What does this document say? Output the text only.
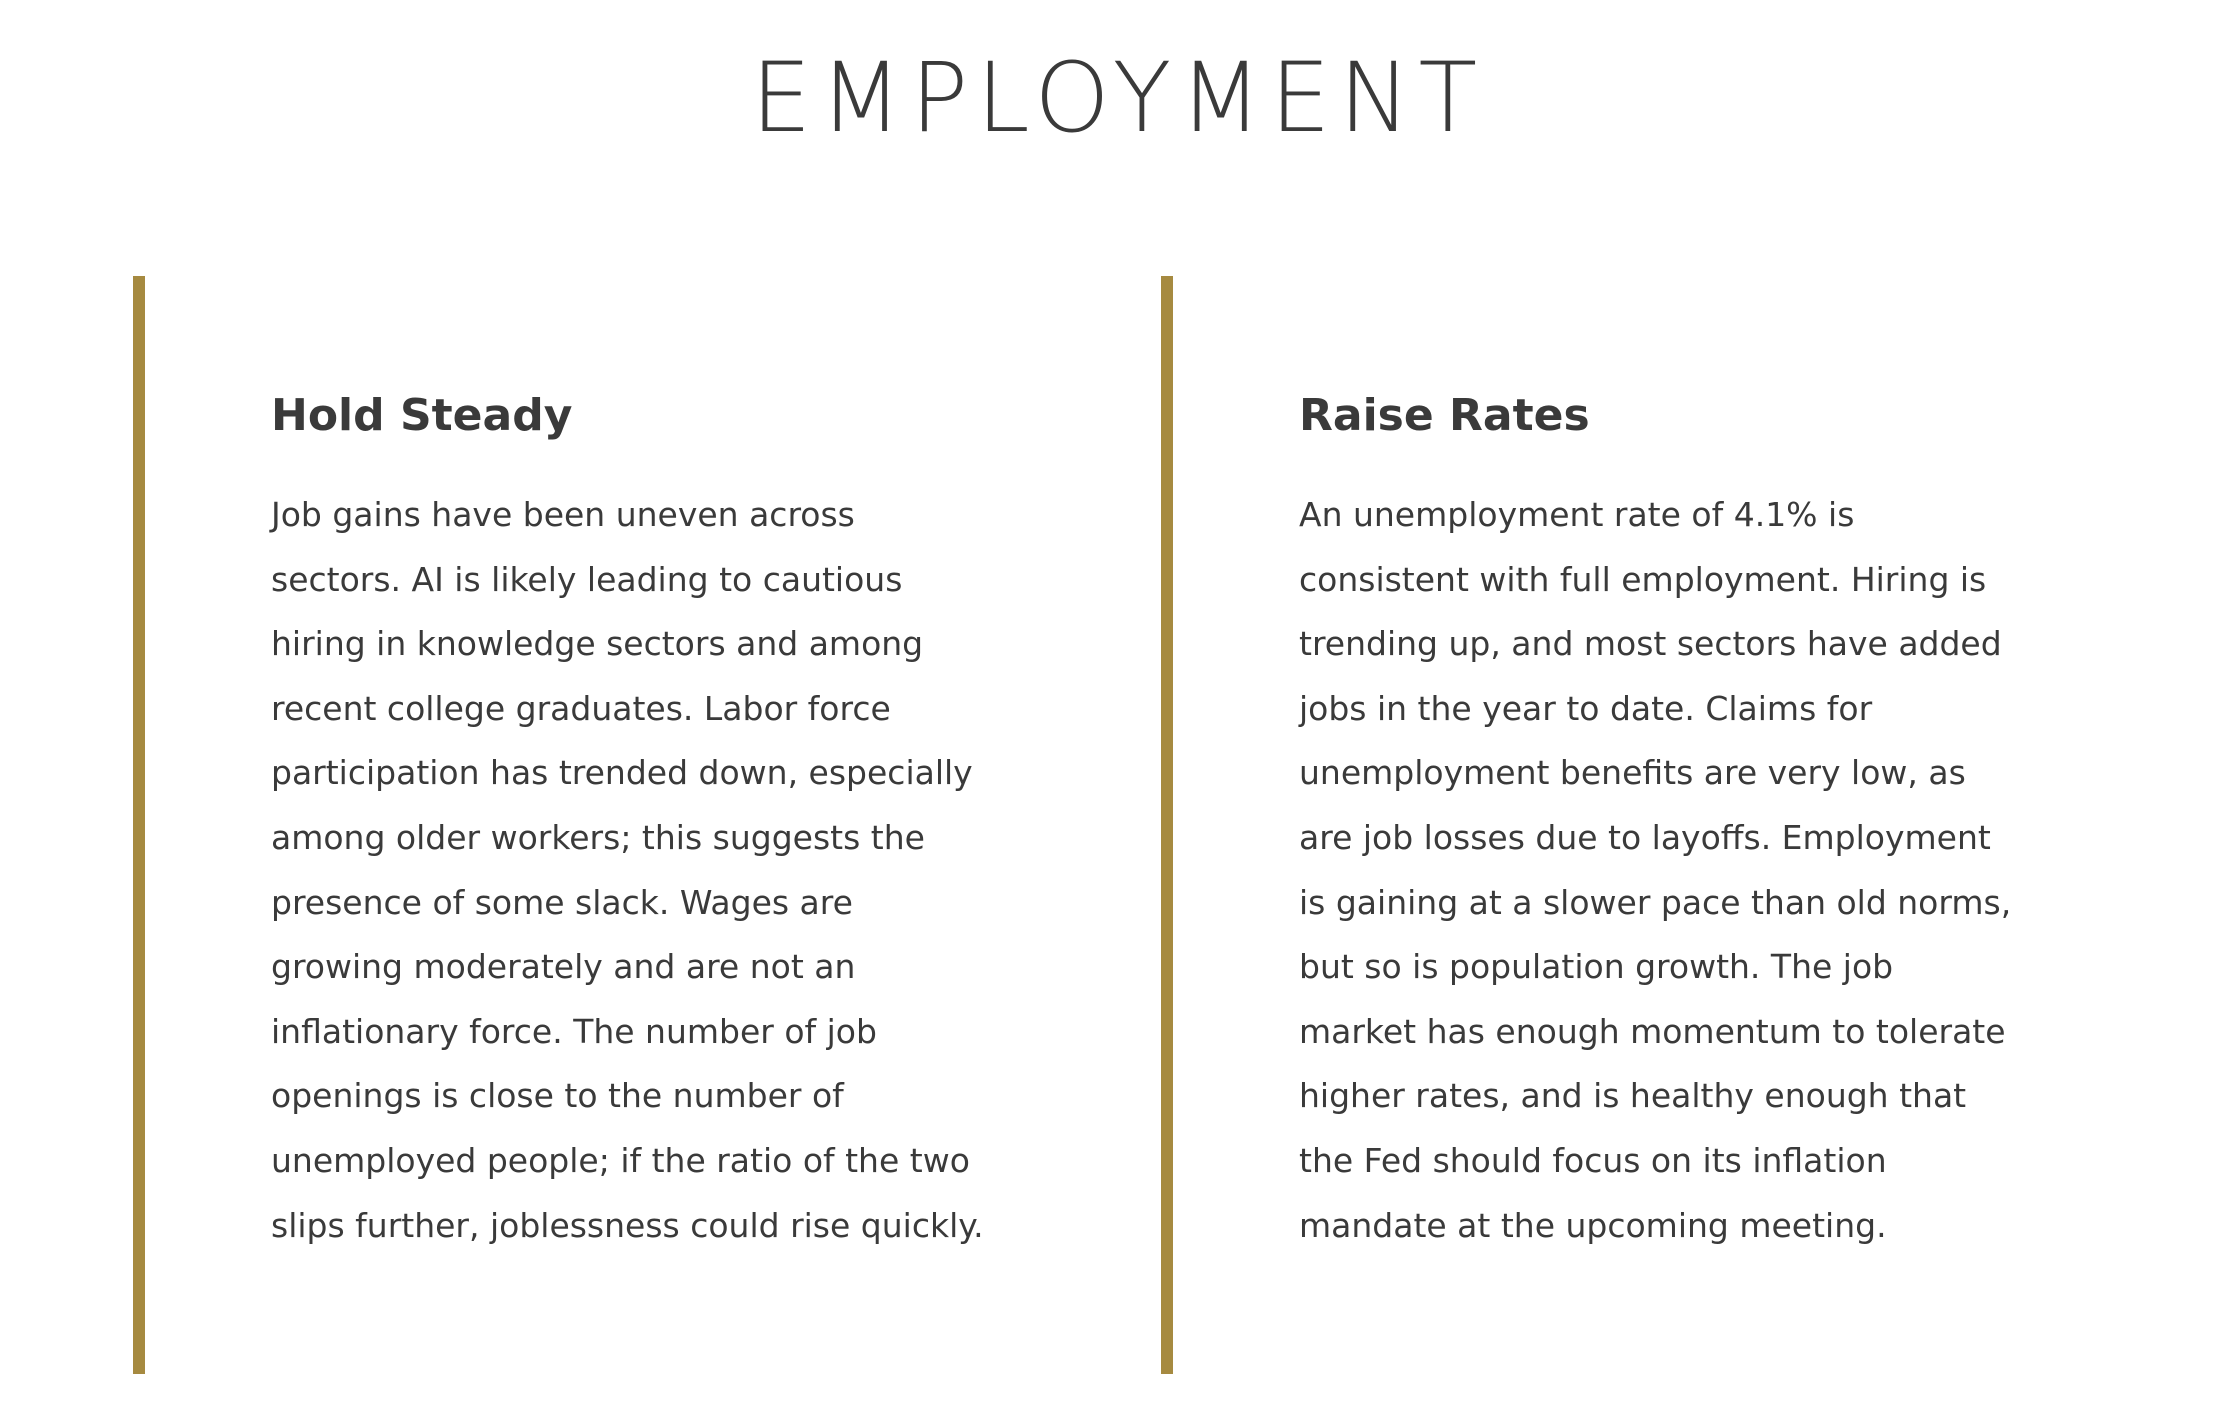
EMPLOYMENT
Hold Steady

Job gains have been uneven across
sectors. AI is likely leading to cautious
hiring in knowledge sectors and among
recent college graduates. Labor force
participation has trended down, especially
among older workers; this suggests the
presence of some slack. Wages are
growing moderately and are not an
inflationary force. The number of job
openings is close to the number of
unemployed people; if the ratio of the two
slips further, joblessness could rise quickly.

Raise Rates

An unemployment rate of 4.1% is
consistent with full employment. Hiring is
trending up, and most sectors have added
jobs in the year to date. Claims for
unemployment benefits are very low, as
are job losses due to layoffs. Employment
is gaining at a slower pace than old norms,
but so is population growth. The job
market has enough momentum to tolerate
higher rates, and is healthy enough that
the Fed should focus on its inflation
mandate at the upcoming meeting.
